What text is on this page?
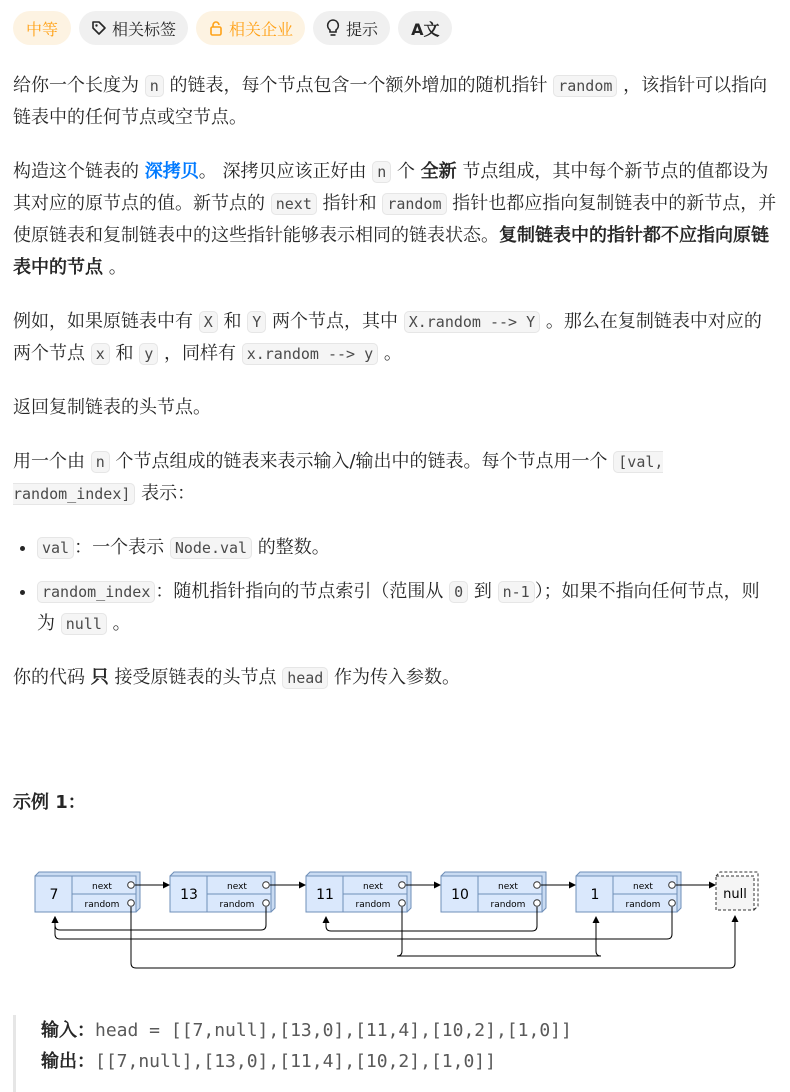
中等	相关标签	相关企业	提示 A文

给你一个长度为 n 的链表，每个节点包含一个额外增加的随机指针 random ，该指针可以指向链表中的任何节点或空节点。

构造这个链表的 深拷贝。 深拷贝应该正好由 n 个 全新 节点组成，其中每个新节点的值都设为其对应的原节点的值。新节点的 next 指针和 random 指针也都应指向复制链表中的新节点，并使原链表和复制链表中的这些指针能够表示相同的链表状态。复制链表中的指针都不应指向原链表中的节点 。

例如，如果原链表中有 X 和 Y 两个节点，其中 X.random --> Y 。那么在复制链表中对应的两个节点 x 和 y ，同样有 x.random --> y 。

返回复制链表的头节点。

用一个由 n 个节点组成的链表来表示输入/输出中的链表。每个节点用一个 [val, random_index] 表示：

• val ：一个表示 Node.val 的整数。
• random_index ：随机指针指向的节点索引（范围从 0 到 n-1 ）；如果不指向任何节点，则为 null 。

你的代码 只 接受原链表的头节点 head 作为传入参数。

示例 1：
7	next
random
13	next
random
11	next
random
10	next
random
1	next
random
null
输入：head = [[7,null],[13,0],[11,4],[10,2],[1,0]]
输出：[[7,null],[13,0],[11,4],[10,2],[1,0]]
